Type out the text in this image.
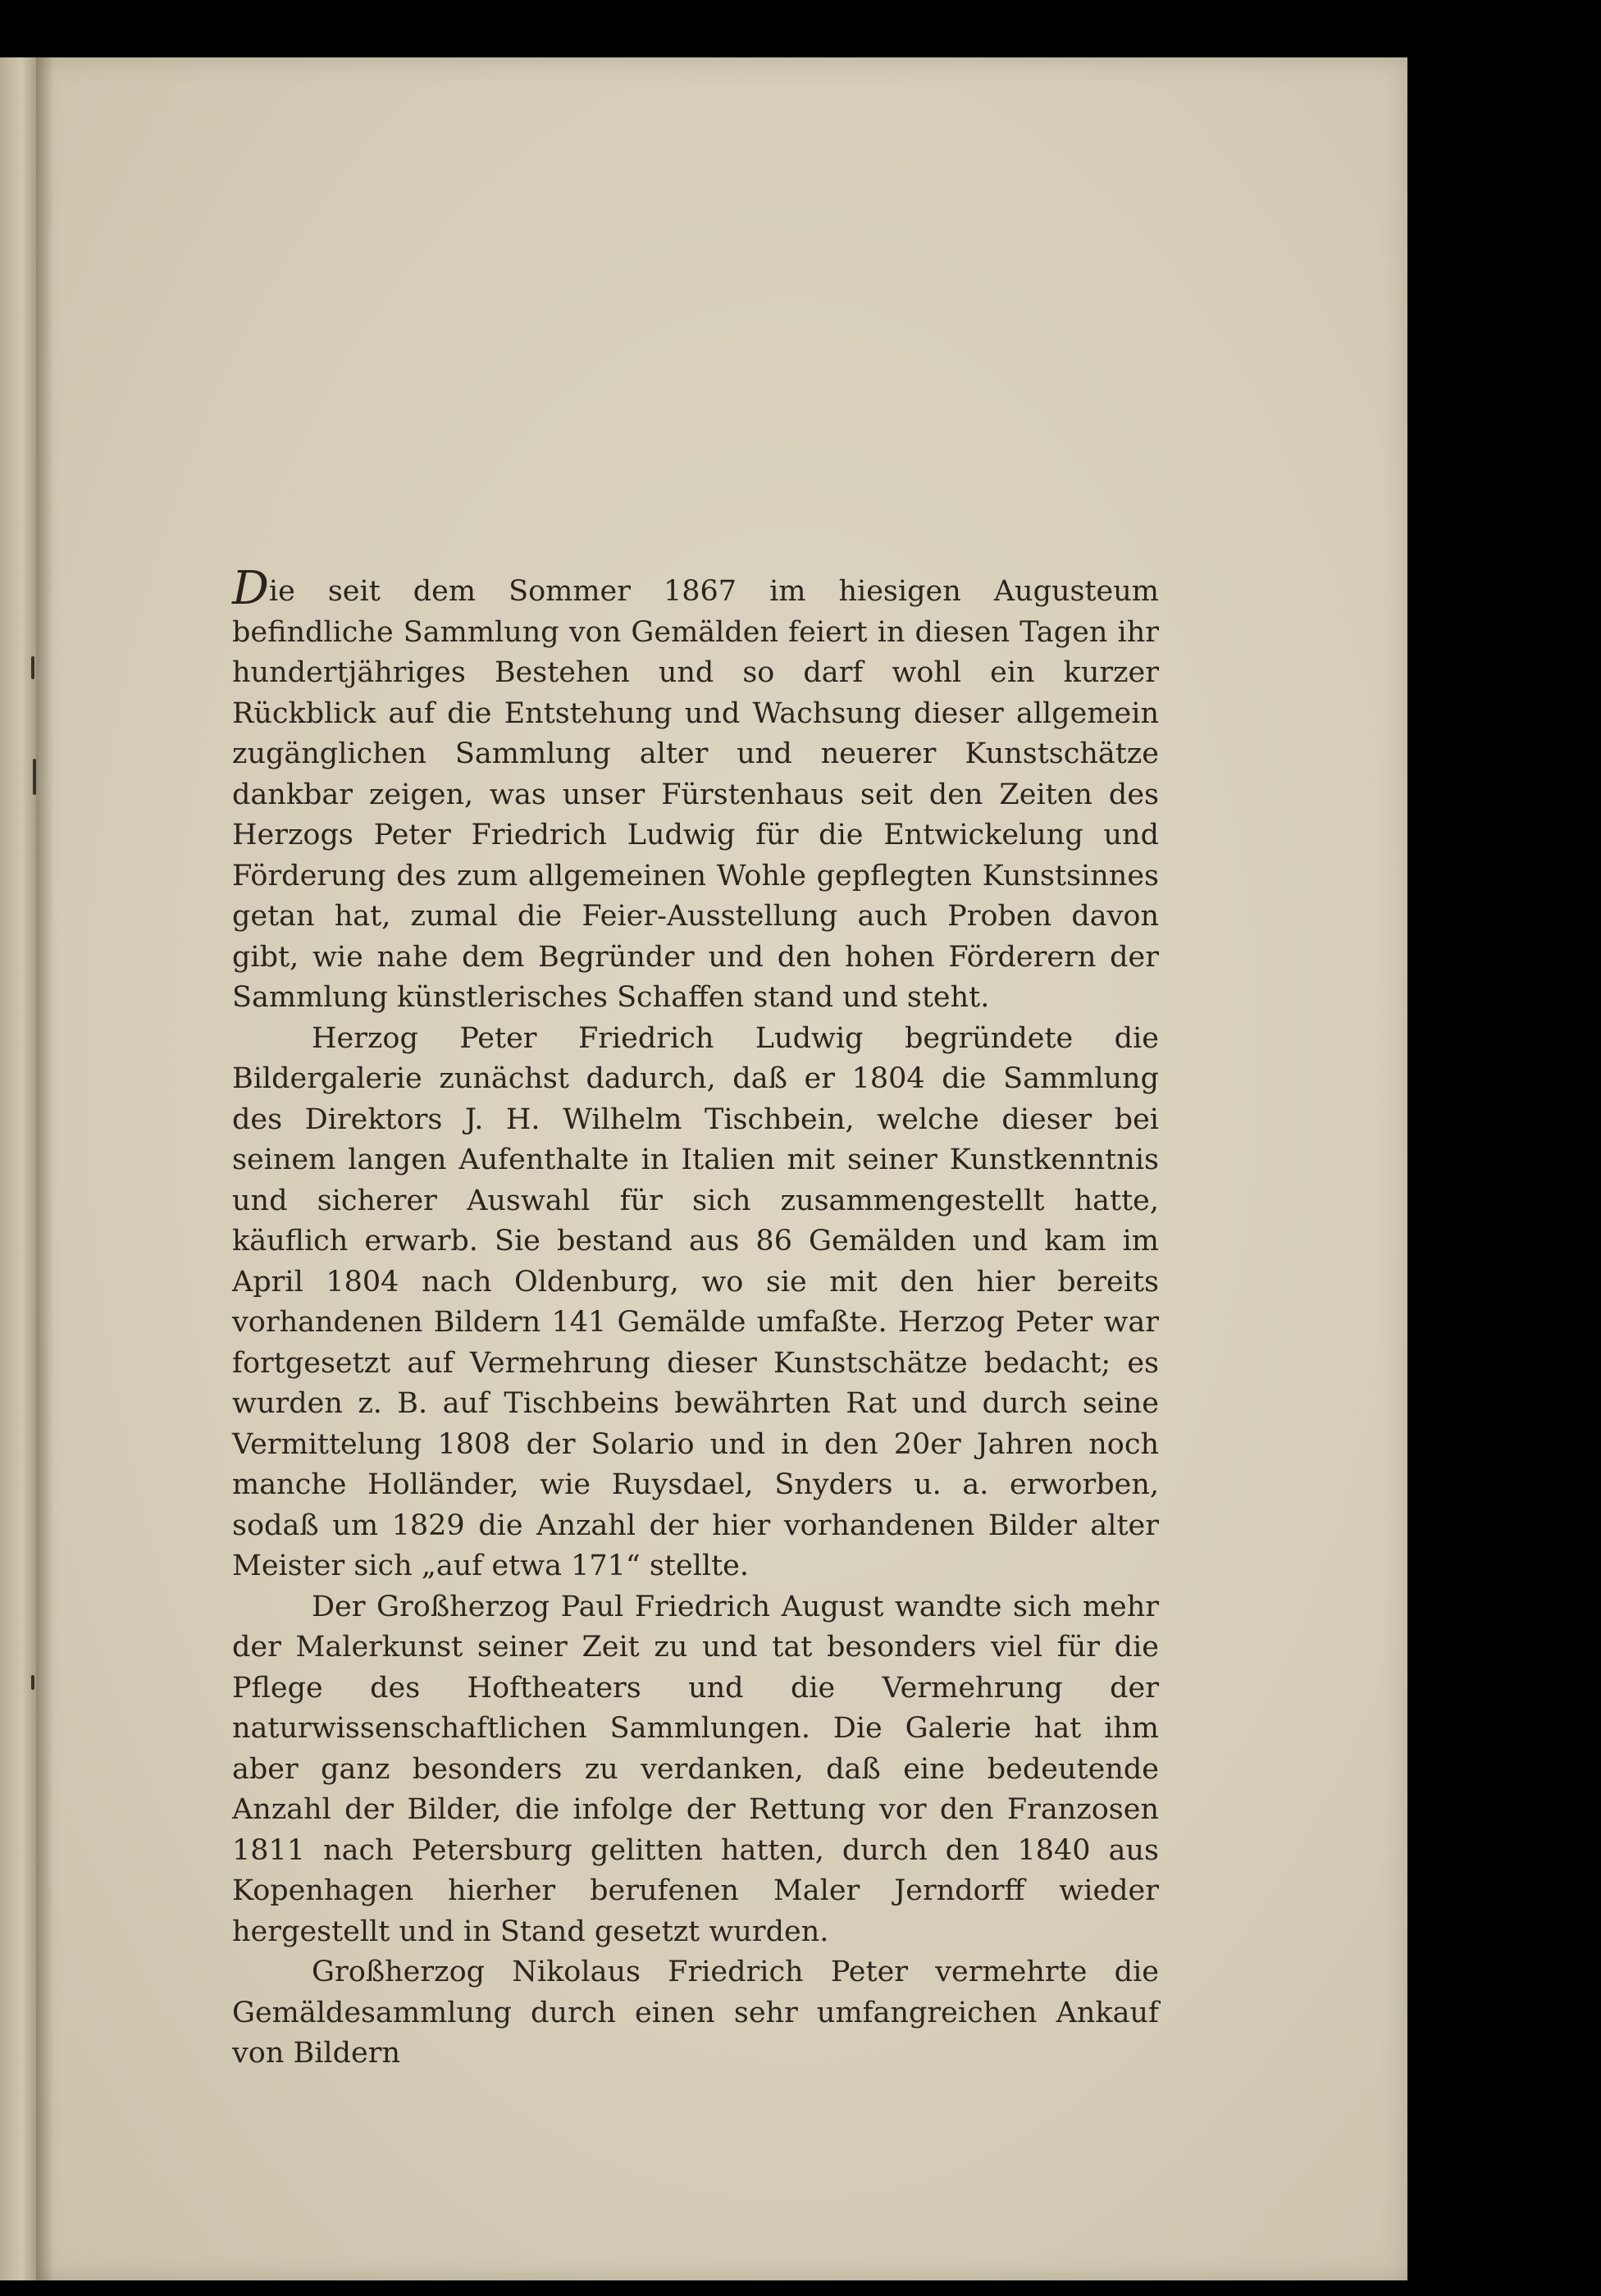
Die seit dem Sommer 1867 im hiesigen Augusteum befindliche Sammlung von Gemälden feiert in diesen Tagen ihr hundertjähriges Bestehen und so darf wohl ein kurzer Rückblick auf die Entstehung und Wachsung dieser allgemein zugänglichen Sammlung alter und neuerer Kunstschätze dankbar zeigen, was unser Fürstenhaus seit den Zeiten des Herzogs Peter Friedrich Ludwig für die Entwickelung und Förderung des zum allgemeinen Wohle gepflegten Kunstsinnes getan hat, zumal die Feier-Ausstellung auch Proben davon gibt, wie nahe dem Begründer und den hohen Förderern der Sammlung künstlerisches Schaffen stand und steht.

Herzog Peter Friedrich Ludwig begründete die Bildergalerie zunächst dadurch, daß er 1804 die Sammlung des Direktors J. H. Wilhelm Tischbein, welche dieser bei seinem langen Aufenthalte in Italien mit seiner Kunstkenntnis und sicherer Auswahl für sich zusammengestellt hatte, käuflich erwarb. Sie bestand aus 86 Gemälden und kam im April 1804 nach Oldenburg, wo sie mit den hier bereits vorhandenen Bildern 141 Gemälde umfaßte. Herzog Peter war fortgesetzt auf Vermehrung dieser Kunstschätze bedacht; es wurden z. B. auf Tischbeins bewährten Rat und durch seine Vermittelung 1808 der Solario und in den 20er Jahren noch manche Holländer, wie Ruysdael, Snyders u. a. erworben, sodaß um 1829 die Anzahl der hier vorhandenen Bilder alter Meister sich „auf etwa 171“ stellte.

Der Großherzog Paul Friedrich August wandte sich mehr der Malerkunst seiner Zeit zu und tat besonders viel für die Pflege des Hoftheaters und die Vermehrung der naturwissenschaftlichen Sammlungen. Die Galerie hat ihm aber ganz besonders zu verdanken, daß eine bedeutende Anzahl der Bilder, die infolge der Rettung vor den Franzosen 1811 nach Petersburg gelitten hatten, durch den 1840 aus Kopenhagen hierher berufenen Maler Jerndorff wieder hergestellt und in Stand gesetzt wurden.

Großherzog Nikolaus Friedrich Peter vermehrte die Gemäldesammlung durch einen sehr umfangreichen Ankauf von Bildern
